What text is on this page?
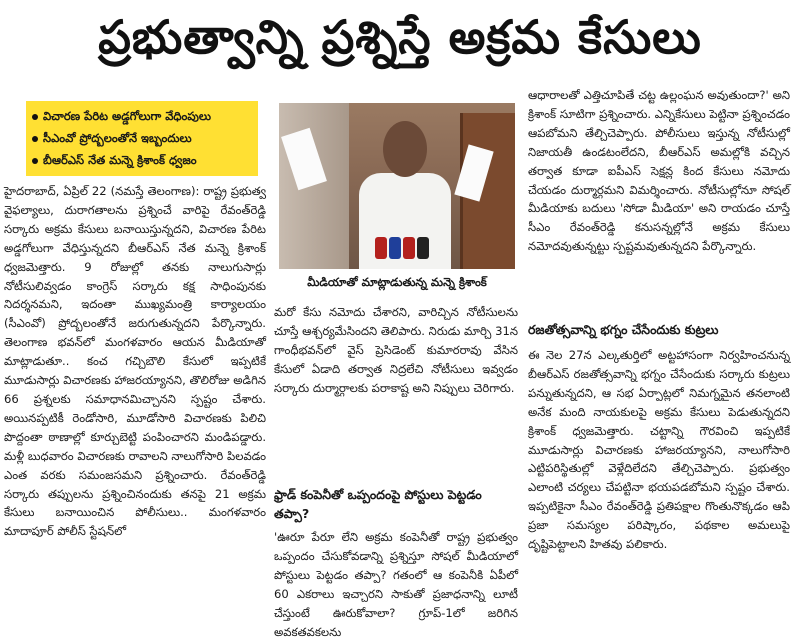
ప్రభుత్వాన్ని ప్రశ్నిస్తే అక్రమ కేసులు
విచారణ పేరిట అడ్డగోలుగా వేధింపులు
సీఎంవో ప్రోద్బలంతోనే ఇబ్బందులు
బీఆర్ఎస్ నేత మన్నె క్రిశాంక్ ధ్వజం
మీడియాతో మాట్లాడుతున్న మన్నె క్రిశాంక్

హైదరాబాద్, ఏప్రిల్ 22 (నమస్తే తెలంగాణ): రాష్ట్ర ప్రభుత్వ వైఫల్యాలు, దురాగతాలను ప్రశ్నించే వారిపై రేవంత్‌రెడ్డి సర్కారు అక్రమ కేసులు బనాయిస్తున్నదని, విచారణ పేరిట అడ్డగోలుగా వేధిస్తున్నదని బీఆర్ఎస్ నేత మన్నె క్రిశాంక్ ధ్వజమెత్తారు. 9 రోజుల్లో తనకు నాలుగుసార్లు నోటీసులివ్వడం కాంగ్రెస్ సర్కారు కక్ష సాధింపునకు నిదర్శనమని, ఇదంతా ముఖ్యమంత్రి కార్యాలయం (సీఎంవో) ప్రోద్బలంతోనే జరుగుతున్నదని పేర్కొన్నారు. తెలంగాణ భవన్‌లో మంగళవారం ఆయన మీడియాతో మాట్లాడుతూ.. కంచ గచ్చిబౌలి కేసులో ఇప్పటికే మూడుసార్లు విచారణకు హాజరయ్యానని, తొలిరోజు అడిగిన 66 ప్రశ్నలకు సమాధానమిచ్చానని స్పష్టం చేశారు. అయినప్పటికీ రెండోసారి, మూడోసారి విచారణకు పిలిచి పొద్దంతా ఠాణాల్లో కూర్చుబెట్టి పంపించారని మండిపడ్డారు. మళ్లీ బుధవారం విచారణకు రావాలని నాలుగోసారి పిలవడం ఎంత వరకు సమంజసమని ప్రశ్నించారు. రేవంత్‌రెడ్డి సర్కారు తప్పులను ప్రశ్నించినందుకు తనపై 21 అక్రమ కేసులు బనాయించిన పోలీసులు.. మంగళవారం మాదాపూర్ పోలీస్ స్టేషన్‌లో

మరో కేసు నమోదు చేశారని, వారిచ్చిన నోటీసులను చూస్తే ఆశ్చర్యమేసిందని తెలిపారు. నిరుడు మార్చి 31న గాంధీభవన్‌లో వైస్ ప్రెసిడెంట్ కుమారరావు వేసిన కేసులో ఏడాది తర్వాత నిద్రలేచి నోటీసులు ఇవ్వడం సర్కారు దుర్మార్గాలకు పరాకాష్ట అని నిప్పులు చెరిగారు.

ఫ్రాడ్ కంపెనీతో ఒప్పందంపై పోస్టులు పెట్టడం తప్పా?

'ఊరూ పేరూ లేని అక్రమ కంపెనీతో రాష్ట్ర ప్రభుత్వం ఒప్పందం చేసుకోవడాన్ని ప్రశ్నిస్తూ సోషల్ మీడియాలో పోస్టులు పెట్టడం తప్పా? గతంలో ఆ కంపెనీకి ఏపీలో 60 ఎకరాలు ఇచ్చారని సాకుతో ప్రజాధనాన్ని లూటీ చేస్తుంటే ఊరుకోవాలా? గ్రూప్-1లో జరిగిన అవకతవకలను

ఆధారాలతో ఎత్తిచూపితే చట్ట ఉల్లంఘన అవుతుందా?' అని క్రిశాంక్ సూటిగా ప్రశ్నించారు. ఎన్నికేసులు పెట్టినా ప్రశ్నించడం ఆపబోమని తేల్చిచెప్పారు. పోలీసులు ఇస్తున్న నోటీసుల్లో నిజాయతీ ఉండటంలేదని, బీఆర్ఎస్ అమల్లోకి వచ్చిన తర్వాత కూడా ఐపీఎస్ సెక్షన్ల కింద కేసులు నమోదు చేయడం దుర్మార్గమని విమర్శించారు. నోటీసుల్లోనూ సోషల్ మీడియాకు బదులు 'సోడా మీడియా' అని రాయడం చూస్తే సీఎం రేవంత్‌రెడ్డి కనుసన్నల్లోనే అక్రమ కేసులు నమోదవుతున్నట్టు స్పష్టమవుతున్నదని పేర్కొన్నారు.

రజతోత్సవాన్ని భగ్నం చేసేందుకు కుట్రలు

ఈ నెల 27న ఎల్కతుర్తిలో అట్టహాసంగా నిర్వహించనున్న బీఆర్ఎస్ రజతోత్సవాన్ని భగ్నం చేసేందుకు సర్కారు కుట్రలు పన్నుతున్నదని, ఆ సభ ఏర్పాట్లలో నిమగ్నమైన తనలాంటి అనేక మంది నాయకులపై అక్రమ కేసులు పెడుతున్నదని క్రిశాంక్ ధ్వజమెత్తారు. చట్టాన్ని గౌరవించి ఇప్పటికే మూడుసార్లు విచారణకు హాజరయ్యానని, నాలుగోసారి ఎట్టిపరిస్థితుల్లో వెళ్లేదిలేదని తేల్చిచెప్పారు. ప్రభుత్వం ఎలాంటి చర్యలు చేపట్టినా భయపడబోమని స్పష్టం చేశారు. ఇప్పటికైనా సీఎం రేవంత్‌రెడ్డి ప్రతిపక్షాల గొంతునొక్కడం ఆపి ప్రజా సమస్యల పరిష్కారం, పథకాల అమలుపై దృష్టిపెట్టాలని హితవు పలికారు.
